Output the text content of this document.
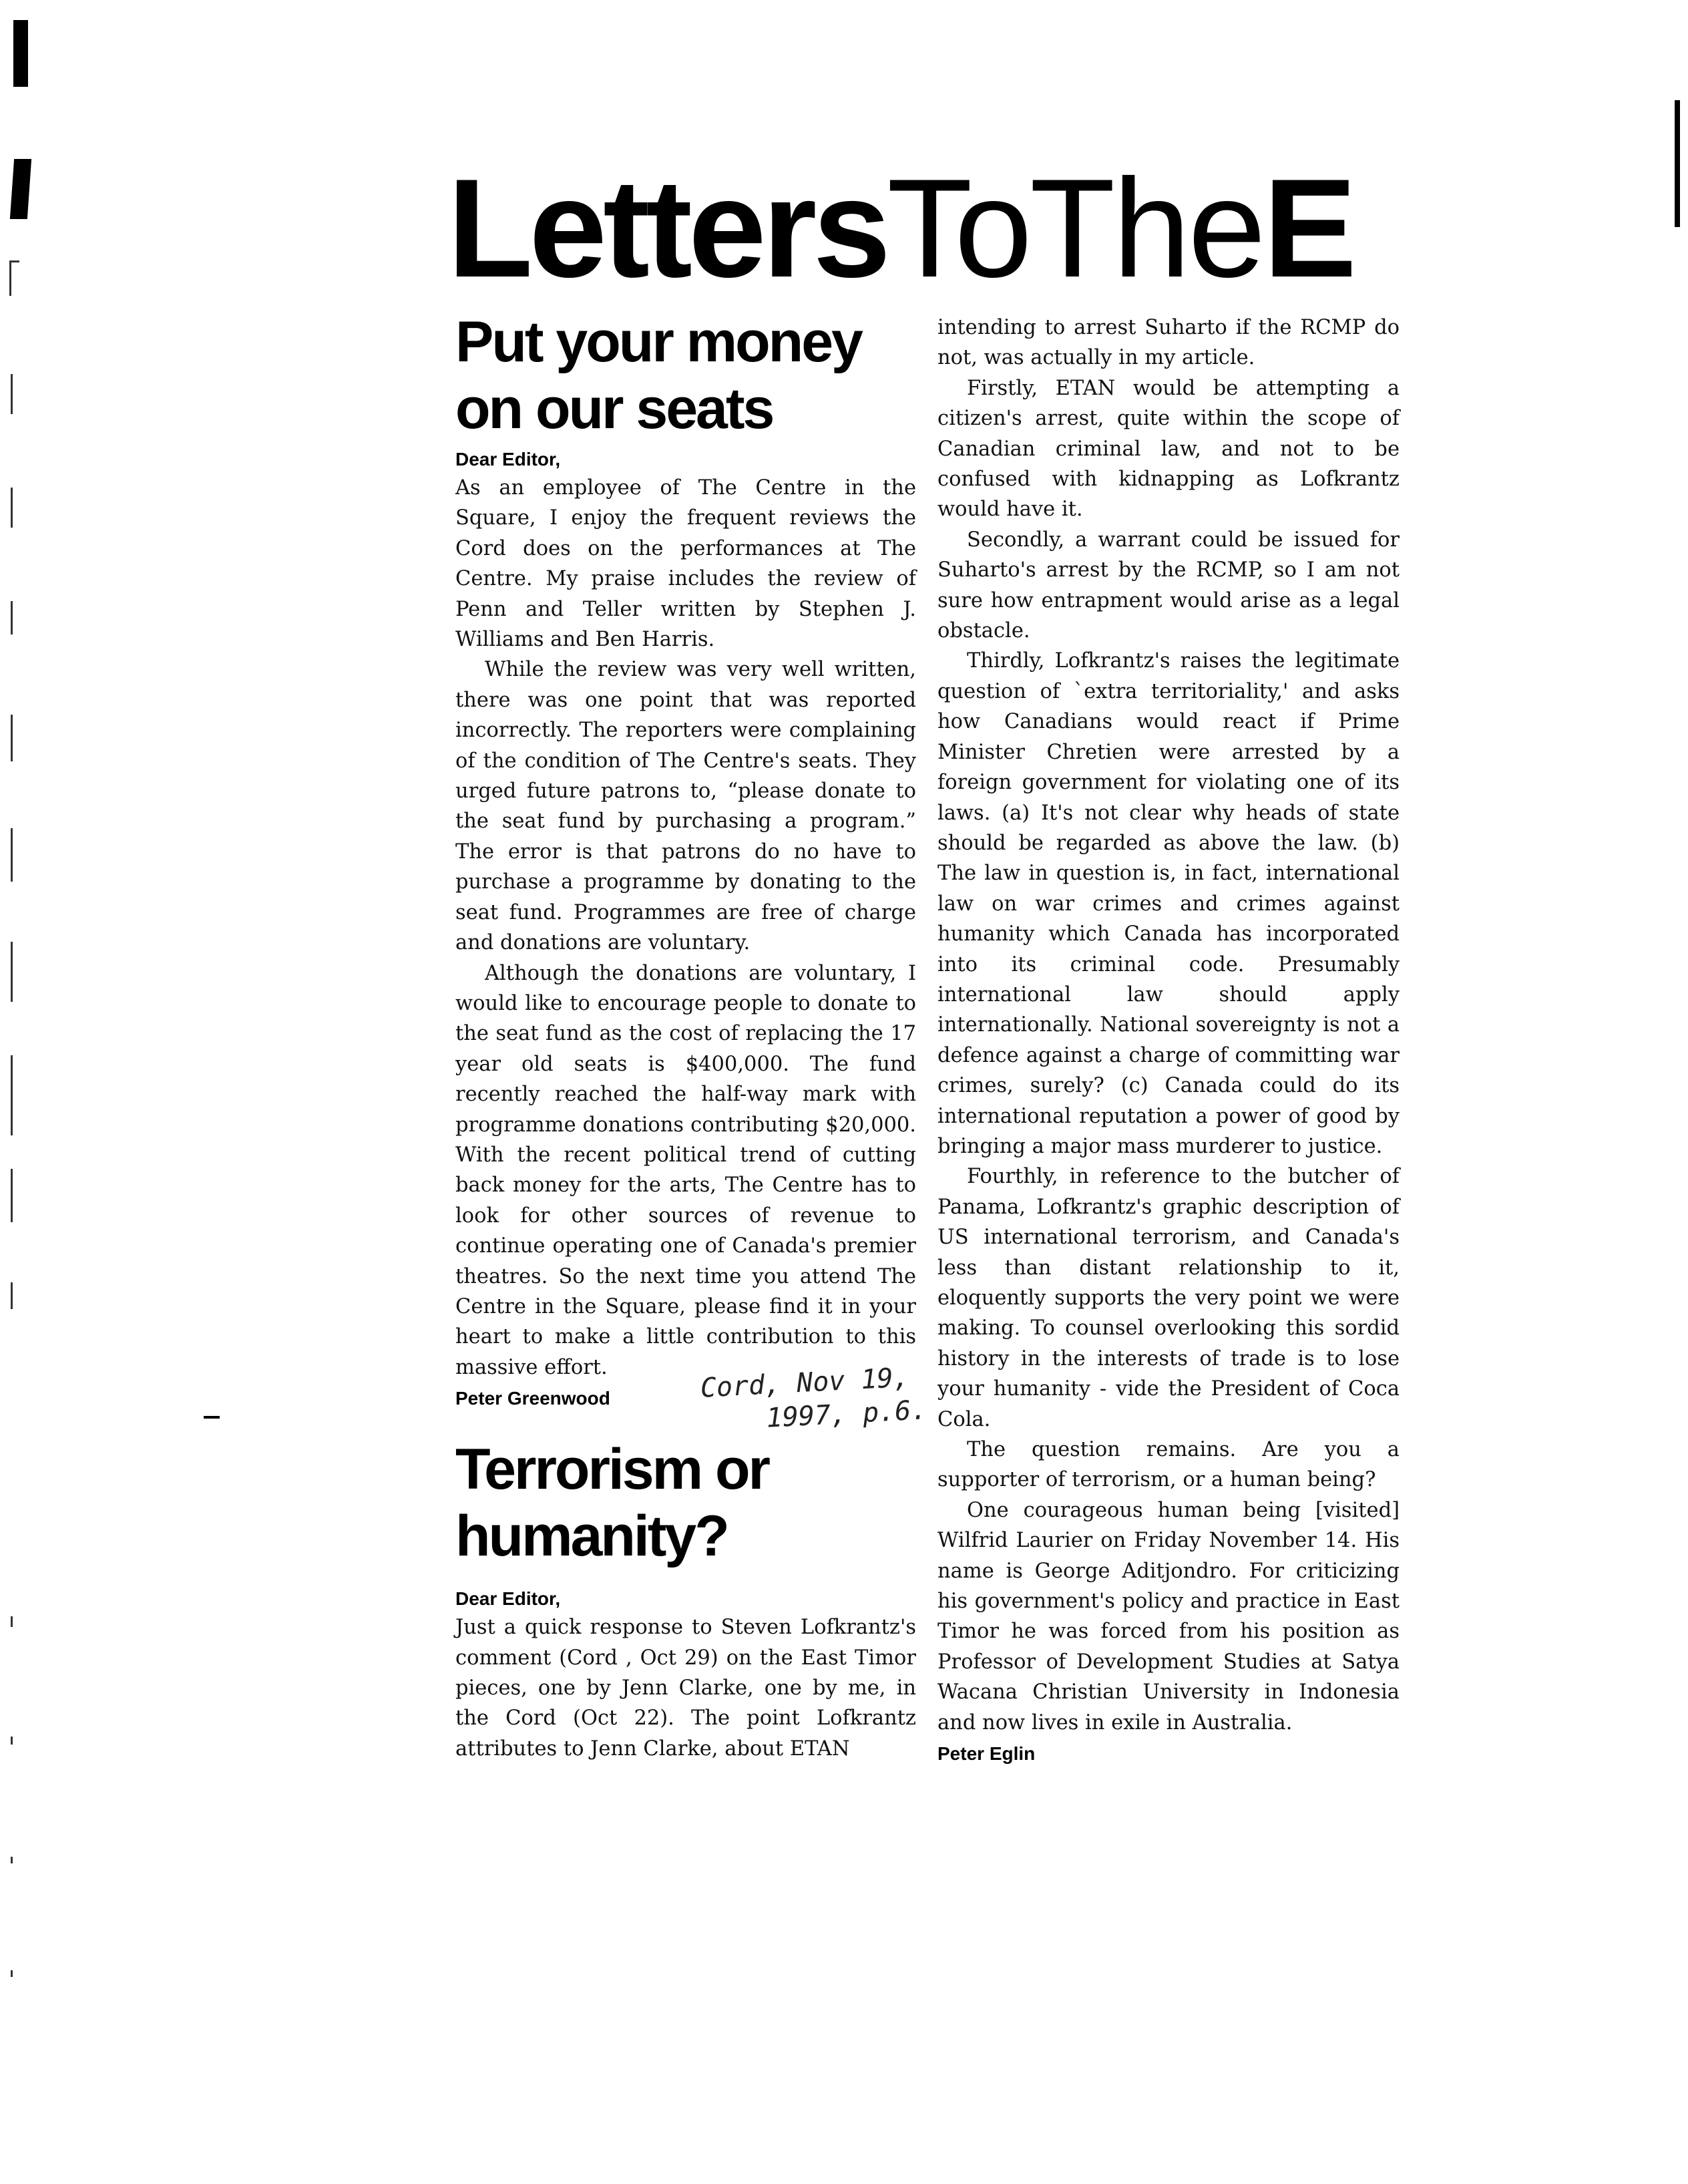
LettersToTheE
Put your money
on our seats

Dear Editor,

As an employee of The Centre in the Square, I enjoy the frequent reviews the Cord does on the performances at The Centre. My praise includes the review of Penn and Teller written by Stephen J. Williams and Ben Harris.

While the review was very well written, there was one point that was reported incorrectly. The reporters were complaining of the condition of The Centre's seats. They urged future patrons to, “please donate to the seat fund by purchasing a program.” The error is that patrons do no have to purchase a programme by donating to the seat fund. Programmes are free of charge and donations are voluntary.

Although the donations are voluntary, I would like to encourage people to donate to the seat fund as the cost of replacing the 17 year old seats is $400,000. The fund recently reached the half-way mark with programme donations contributing $20,000. With the recent political trend of cutting back money for the arts, The Centre has to look for other sources of revenue to continue operating one of Canada's premier theatres. So the next time you attend The Centre in the Square, please find it in your heart to make a little contribution to this massive effort.

Peter Greenwood

Terrorism or
humanity?

Dear Editor,

Just a quick response to Steven Lofkrantz's comment (Cord , Oct 29) on the East Timor pieces, one by Jenn Clarke, one by me, in the Cord (Oct 22). The point Lofkrantz attributes to Jenn Clarke, about ETAN

Cord, Nov 19,
1997, p.6.

intending to arrest Suharto if the RCMP do not, was actually in my article.

Firstly, ETAN would be attempting a citizen's arrest, quite within the scope of Canadian criminal law, and not to be confused with kidnapping as Lofkrantz would have it.

Secondly, a warrant could be issued for Suharto's arrest by the RCMP, so I am not sure how entrapment would arise as a legal obstacle.

Thirdly, Lofkrantz's raises the legitimate question of `extra territoriality,' and asks how Canadians would react if Prime Minister Chretien were arrested by a foreign government for violating one of its laws. (a) It's not clear why heads of state should be regarded as above the law. (b) The law in question is, in fact, international law on war crimes and crimes against humanity which Canada has incorporated into its criminal code. Presumably international law should apply internationally. National sovereignty is not a defence against a charge of committing war crimes, surely? (c) Canada could do its international reputation a power of good by bringing a major mass murderer to justice.

Fourthly, in reference to the butcher of Panama, Lofkrantz's graphic description of US international terrorism, and Canada's less than distant relationship to it, eloquently supports the very point we were making. To counsel overlooking this sordid history in the interests of trade is to lose your humanity - vide the President of Coca Cola.

The question remains. Are you a supporter of terrorism, or a human being?

One courageous human being [visited] Wilfrid Laurier on Friday November 14. His name is George Aditjondro. For criticizing his government's policy and practice in East Timor he was forced from his position as Professor of Development Studies at Satya Wacana Christian University in Indonesia and now lives in exile in Australia.

Peter Eglin
